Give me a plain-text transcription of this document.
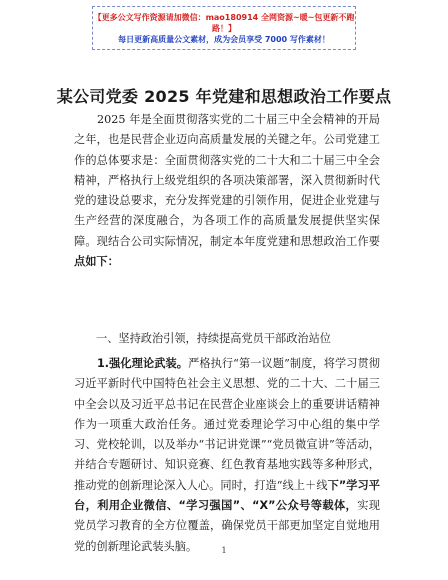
【更多公文写作资源请加微信：mao180914 全网资源~暖~包更新不跑路！】
每日更新高质量公文素材，成为会员享受 7000 写作素材！
某公司党委 2025 年党建和思想政治工作要点
2025 年是全面贯彻落实党的二十届三中全会精神的开局之年，也是民营企业迈向高质量发展的关键之年。公司党建工作的总体要求是：全面贯彻落实党的二十大和二十届三中全会精神，严格执行上级党组织的各项决策部署，深入贯彻新时代党的建设总要求，充分发挥党建的引领作用，促进企业党建与生产经营的深度融合，为各项工作的高质量发展提供坚实保障。现结合公司实际情况，制定本年度党建和思想政治工作要点如下：
一、坚持政治引领，持续提高党员干部政治站位
1.强化理论武装。严格执行“第一议题”制度，将学习贯彻习近平新时代中国特色社会主义思想、党的二十大、二十届三中全会以及习近平总书记在民营企业座谈会上的重要讲话精神作为一项重大政治任务。通过党委理论学习中心组的集中学习、党校轮训，以及举办“书记讲党课”“党员微宣讲”等活动，并结合专题研讨、知识竞赛、红色教育基地实践等多种形式，推动党的创新理论深入人心。同时，打造“线上＋线下”学习平台，利用企业微信、“学习强国”、“X”公众号等载体，实现党员学习教育的全方位覆盖，确保党员干部更加坚定自觉地用党的创新理论武装头脑。	1
